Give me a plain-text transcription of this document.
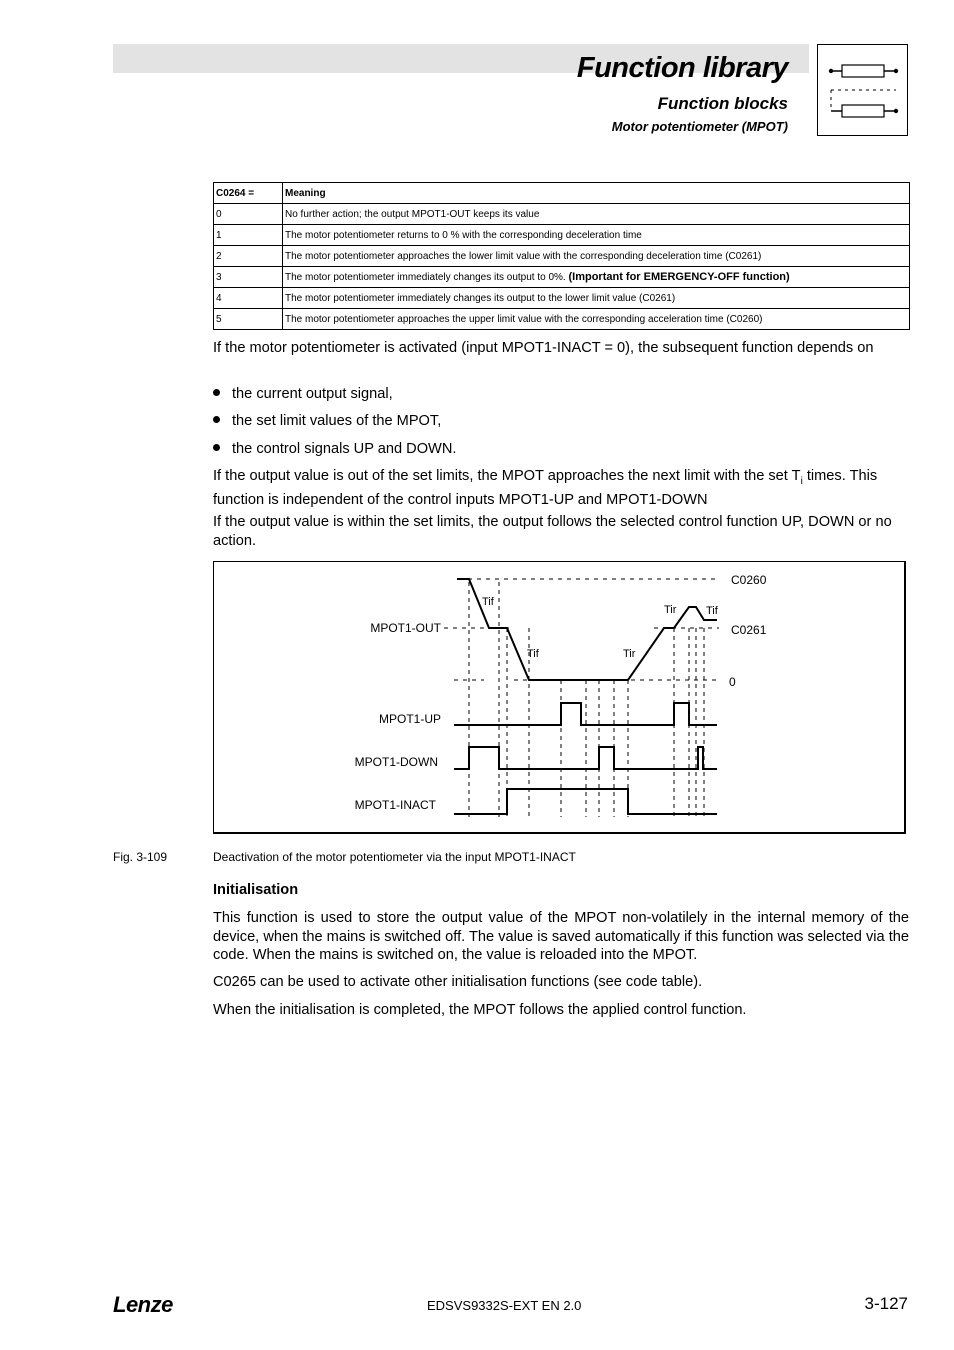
Function library
Function blocks
Motor potentiometer (MPOT)
C0264 =	Meaning
0	No further action; the output MPOT1-OUT keeps its value
1	The motor potentiometer returns to 0 % with the corresponding deceleration time
2	The motor potentiometer approaches the lower limit value with the corresponding deceleration time (C0261)
3	The motor potentiometer immediately changes its output to 0%. (Important for EMERGENCY-OFF function)
4	The motor potentiometer immediately changes its output to the lower limit value (C0261)
5	The motor potentiometer approaches the upper limit value with the corresponding acceleration time (C0260)
If the motor potentiometer is activated (input MPOT1-INACT = 0), the subsequent function depends on
the current output signal,
the set limit values of the MPOT,
the control signals UP and DOWN.
If the output value is out of the set limits, the MPOT approaches the next limit with the set $T_i$ times. This function is independent of the control inputs MPOT1-UP and MPOT1-DOWN
If the output value is within the set limits, the output follows the selected control function UP, DOWN or no action.
MPOT1-OUT
MPOT1-UP
MPOT1-DOWN
MPOT1-INACT
C0260
C0261
0
Tif
Tif	Tir
Tir	Tif
Fig. 3-109	Deactivation of the motor potentiometer via the input MPOT1-INACT
Initialisation
This function is used to store the output value of the MPOT non-volatilely in the internal memory of the device, when the mains is switched off. The value is saved automatically if this function was selected via the code. When the mains is switched on, the value is reloaded into the MPOT.
C0265 can be used to activate other initialisation functions (see code table).
When the initialisation is completed, the MPOT follows the applied control function.
Lenze	EDSVS9332S-EXT EN 2.0	3-127
